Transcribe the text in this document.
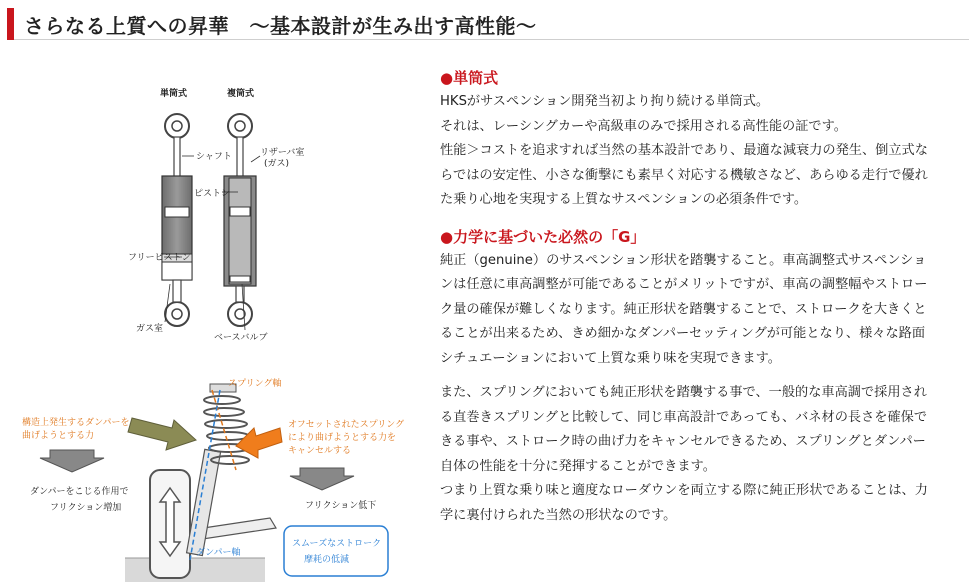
さらなる上質への昇華　～基本設計が生み出す高性能～
単筒式	複筒式
シャフト	リザーバ室
(ガス)
ピストン
フリーピストン
ガス室
ベースバルブ
スプリング軸
ダンパー軸
構造上発生するダンパーを
曲げようとする力
オフセットされたスプリング
により曲げようとする力を
キャンセルする
ダンパーをこじる作用で
フリクション増加	フリクション低下
スムーズなストローク
摩耗の低減
●単筒式
HKSがサスペンション開発当初より拘り続ける単筒式。
それは、レーシングカーや高級車のみで採用される高性能の証です。
性能＞コストを追求すれば当然の基本設計であり、最適な減衰力の発生、倒立式な
らではの安定性、小さな衝撃にも素早く対応する機敏さなど、あらゆる走行で優れ
た乗り心地を実現する上質なサスペンションの必須条件です。
●力学に基づいた必然の「G」
純正（genuine）のサスペンション形状を踏襲すること。車高調整式サスペンショ
ンは任意に車高調整が可能であることがメリットですが、車高の調整幅やストロー
ク量の確保が難しくなります。純正形状を踏襲することで、ストロークを大きくと
ることが出来るため、きめ細かなダンパーセッティングが可能となり、様々な路面
シチュエーションにおいて上質な乗り味を実現できます。
また、スプリングにおいても純正形状を踏襲する事で、一般的な車高調で採用され
る直巻きスプリングと比較して、同じ車高設計であっても、バネ材の長さを確保で
きる事や、ストローク時の曲げ力をキャンセルできるため、スプリングとダンパー
自体の性能を十分に発揮することができます。
つまり上質な乗り味と適度なローダウンを両立する際に純正形状であることは、力
学に裏付けられた当然の形状なのです。
